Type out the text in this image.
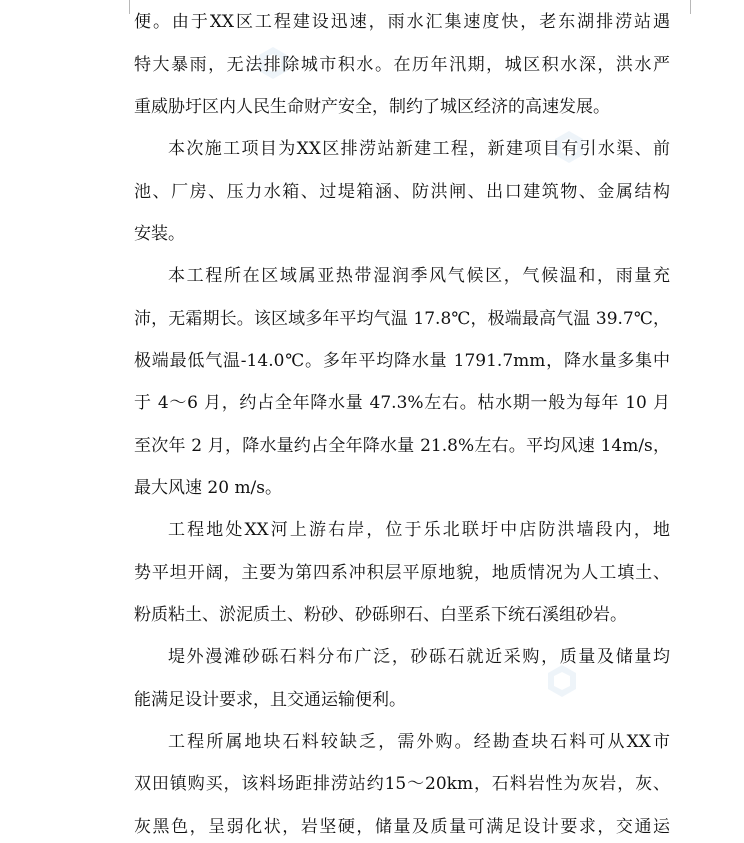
便。由于XX区工程建设迅速，雨水汇集速度快，老东湖排涝站遇
特大暴雨，无法排除城市积水。在历年汛期，城区积水深，洪水严
重威胁圩区内人民生命财产安全，制约了城区经济的高速发展。
本次施工项目为XX区排涝站新建工程，新建项目有引水渠、前
池、厂房、压力水箱、过堤箱涵、防洪闸、出口建筑物、金属结构
安装。
本工程所在区域属亚热带湿润季风气候区，气候温和，雨量充
沛，无霜期长。该区域多年平均气温 17.8℃，极端最高气温 39.7℃，
极端最低气温-14.0℃。多年平均降水量 1791.7mm，降水量多集中
于 4～6 月，约占全年降水量 47.3%左右。枯水期一般为每年 10 月
至次年 2 月，降水量约占全年降水量 21.8%左右。平均风速 14m/s，
最大风速 20 m/s。
工程地处XX河上游右岸，位于乐北联圩中店防洪墙段内，地
势平坦开阔，主要为第四系冲积层平原地貌，地质情况为人工填土、
粉质粘土、淤泥质土、粉砂、砂砾卵石、白垩系下统石溪组砂岩。
堤外漫滩砂砾石料分布广泛，砂砾石就近采购，质量及储量均
能满足设计要求，且交通运输便利。
工程所属地块石料较缺乏，需外购。经勘查块石料可从XX市
双田镇购买，该料场距排涝站约15～20km，石料岩性为灰岩，灰、
灰黑色，呈弱化状，岩坚硬，储量及质量可满足设计要求，交通运
